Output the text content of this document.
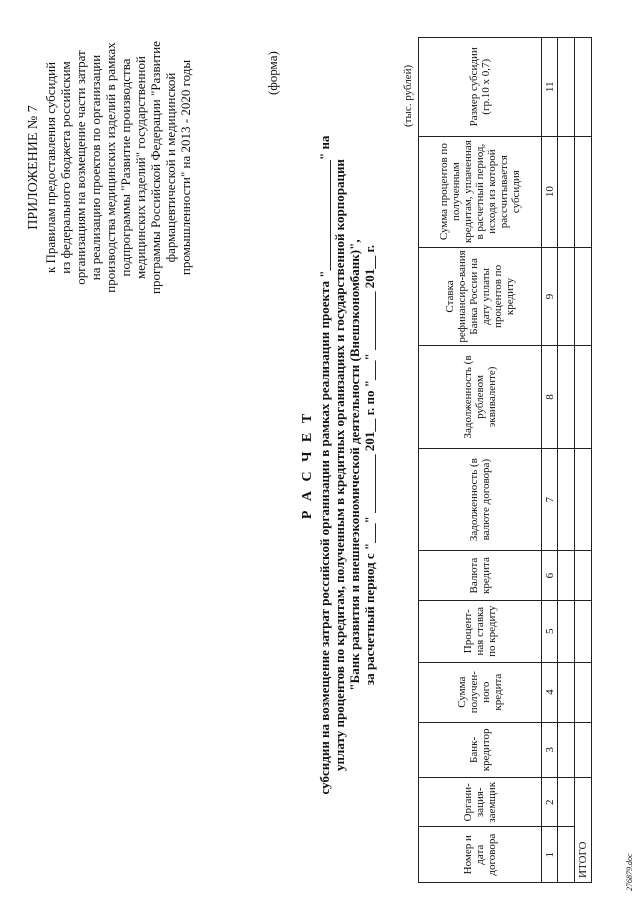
ПРИЛОЖЕНИЕ № 7 к Правилам предоставления субсидий из федерального бюджета российским организациям на возмещение части затрат на реализацию проектов по организации производства медицинских изделий в рамках подпрограммы "Развитие производства медицинских изделий" государственной программы Российской Федерации "Развитие фармацевтической и медицинской промышленности" на 2013 - 2020 годы	(форма)
Р А С Ч Е Т субсидии на возмещение затрат российской организации в рамках реализации проекта "_________________" на уплату процентов по кредитам, полученным в кредитных организациях и государственной корпорации "Банк развития и внешнеэкономической деятельности (Внешэкономбанк)", за расчетный период с "___" _________ 201__ г. по "___" _________ 201__ г.
(тыс. рублей)
Номер и дата договора	Органи-зация-заемщик	Банк-кредитор	Сумма получен-ного кредита	Процент-ная ставка по кредиту	Валюта кредита	Задолженность (в валюте договора)	Задолженность (в рублевом эквиваленте)	Ставка рефинансиро-вания Банка России на дату уплаты процентов по кредиту	Сумма процентов по полученным кредитам, уплаченная в расчетный период, исходя из которой рассчитывается субсидия	Размер субсидии (гр.10 х 0,7)
1	2	3	4	5	6	7	8	9	10	11

ИТОГО											276879.doc
